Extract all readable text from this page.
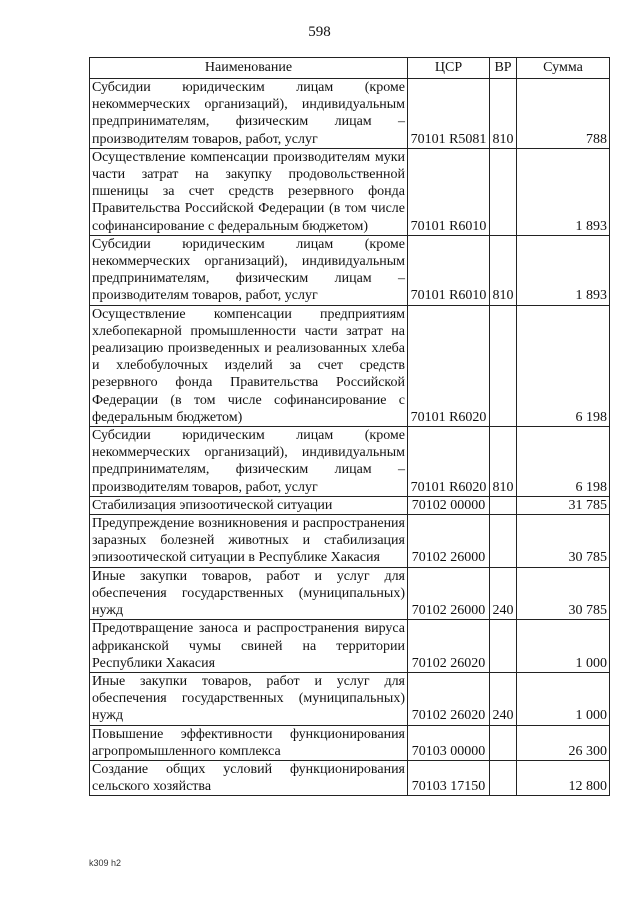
598
Наименование	ЦСР	ВР	Сумма
Субсидии юридическим лицам (кроме некоммерческих организаций), индивидуальным предпринимателям, физическим лицам – производителям товаров, работ, услуг	70101 R5081	810	788
Осуществление компенсации производителям муки части затрат на закупку продовольственной пшеницы за счет средств резервного фонда Правительства Российской Федерации (в том числе софинансирование с федеральным бюджетом)	70101 R6010		1 893
Субсидии юридическим лицам (кроме некоммерческих организаций), индивидуальным предпринимателям, физическим лицам – производителям товаров, работ, услуг	70101 R6010	810	1 893
Осуществление компенсации предприятиям хлебопекарной промышленности части затрат на реализацию произведенных и реализованных хлеба и хлебобулочных изделий за счет средств резервного фонда Правительства Российской Федерации (в том числе софинансирование с федеральным бюджетом)	70101 R6020		6 198
Субсидии юридическим лицам (кроме некоммерческих организаций), индивидуальным предпринимателям, физическим лицам – производителям товаров, работ, услуг	70101 R6020	810	6 198
Стабилизация эпизоотической ситуации	70102 00000		31 785
Предупреждение возникновения и распространения заразных болезней животных и стабилизация эпизоотической ситуации в Республике Хакасия	70102 26000		30 785
Иные закупки товаров, работ и услуг для обеспечения государственных (муниципальных) нужд	70102 26000	240	30 785
Предотвращение заноса и распространения вируса африканской чумы свиней на территории Республики Хакасия	70102 26020		1 000
Иные закупки товаров, работ и услуг для обеспечения государственных (муниципальных) нужд	70102 26020	240	1 000
Повышение эффективности функционирования агропромышленного комплекса	70103 00000		26 300
Создание общих условий функционирования сельского хозяйства	70103 17150		12 800
k309 h2
